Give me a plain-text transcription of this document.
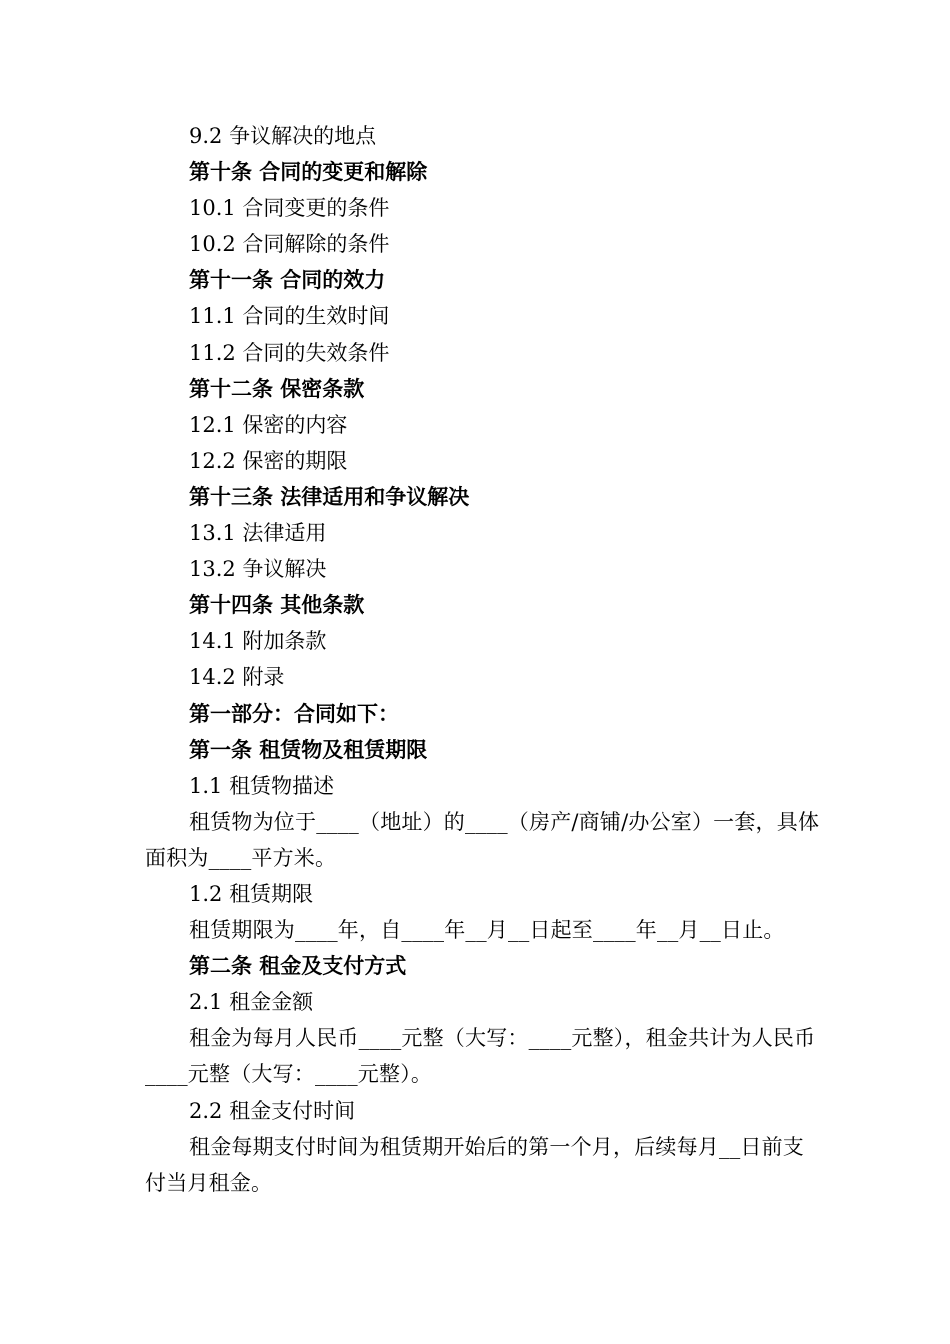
9.2 争议解决的地点
第十条 合同的变更和解除
10.1 合同变更的条件
10.2 合同解除的条件
第十一条 合同的效力
11.1 合同的生效时间
11.2 合同的失效条件
第十二条 保密条款
12.1 保密的内容
12.2 保密的期限
第十三条 法律适用和争议解决
13.1 法律适用
13.2 争议解决
第十四条 其他条款
14.1 附加条款
14.2 附录
第一部分：合同如下：
第一条 租赁物及租赁期限
1.1 租赁物描述
租赁物为位于____（地址）的____（房产/商铺/办公室）一套，具体面积为____平方米。
1.2 租赁期限
租赁期限为____年，自____年__月__日起至____年__月__日止。
第二条 租金及支付方式
2.1 租金金额
租金为每月人民币____元整（大写：____元整），租金共计为人民币____元整（大写：____元整）。
2.2 租金支付时间
租金每期支付时间为租赁期开始后的第一个月，后续每月__日前支付当月租金。
